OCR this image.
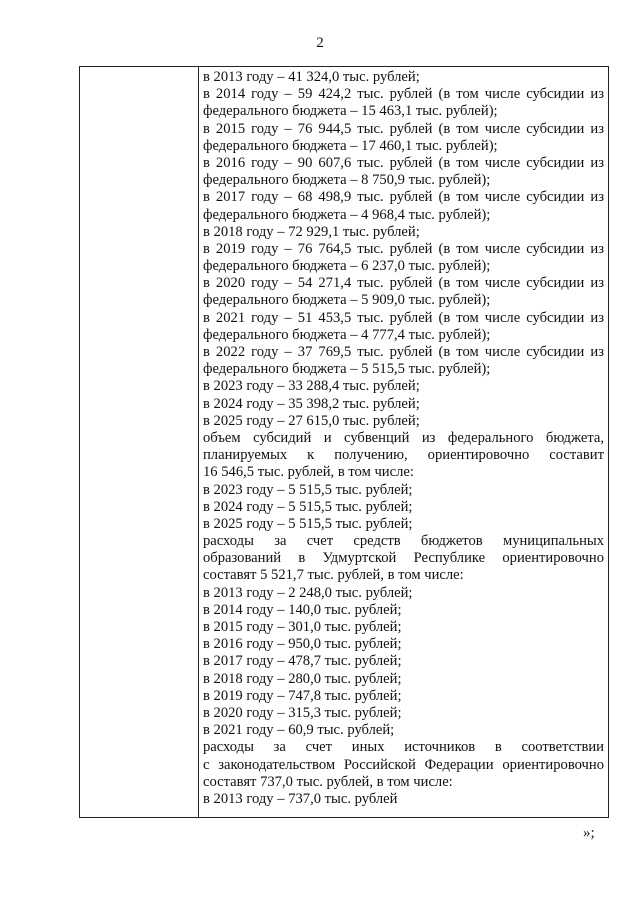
2
в 2013 году – 41 324,0 тыс. рублей;
в 2014 году – 59 424,2 тыс. рублей (в том числе субсидии из
федерального бюджета – 15 463,1 тыс. рублей);
в 2015 году – 76 944,5 тыс. рублей (в том числе субсидии из
федерального бюджета – 17 460,1 тыс. рублей);
в 2016 году – 90 607,6 тыс. рублей (в том числе субсидии из
федерального бюджета – 8 750,9 тыс. рублей);
в 2017 году – 68 498,9 тыс. рублей (в том числе субсидии из
федерального бюджета – 4 968,4 тыс. рублей);
в 2018 году – 72 929,1 тыс. рублей;
в 2019 году – 76 764,5 тыс. рублей (в том числе субсидии из
федерального бюджета – 6 237,0 тыс. рублей);
в 2020 году – 54 271,4 тыс. рублей (в том числе субсидии из
федерального бюджета – 5 909,0 тыс. рублей);
в 2021 году – 51 453,5 тыс. рублей (в том числе субсидии из
федерального бюджета – 4 777,4 тыс. рублей);
в 2022 году – 37 769,5 тыс. рублей (в том числе субсидии из
федерального бюджета – 5 515,5 тыс. рублей);
в 2023 году – 33 288,4 тыс. рублей;
в 2024 году – 35 398,2 тыс. рублей;
в 2025 году – 27 615,0 тыс. рублей;
объем субсидий и субвенций из федерального бюджета,
планируемых к получению, ориентировочно составит
16 546,5 тыс. рублей, в том числе:
в 2023 году – 5 515,5 тыс. рублей;
в 2024 году – 5 515,5 тыс. рублей;
в 2025 году – 5 515,5 тыс. рублей;
расходы за счет средств бюджетов муниципальных
образований в Удмуртской Республике ориентировочно
составят 5 521,7 тыс. рублей, в том числе:
в 2013 году – 2 248,0 тыс. рублей;
в 2014 году – 140,0 тыс. рублей;
в 2015 году – 301,0 тыс. рублей;
в 2016 году – 950,0 тыс. рублей;
в 2017 году – 478,7 тыс. рублей;
в 2018 году – 280,0 тыс. рублей;
в 2019 году – 747,8 тыс. рублей;
в 2020 году – 315,3 тыс. рублей;
в 2021 году – 60,9 тыс. рублей;
расходы за счет иных источников в соответствии
с законодательством Российской Федерации ориентировочно
составят 737,0 тыс. рублей, в том числе:
в 2013 году – 737,0 тыс. рублей
»;
